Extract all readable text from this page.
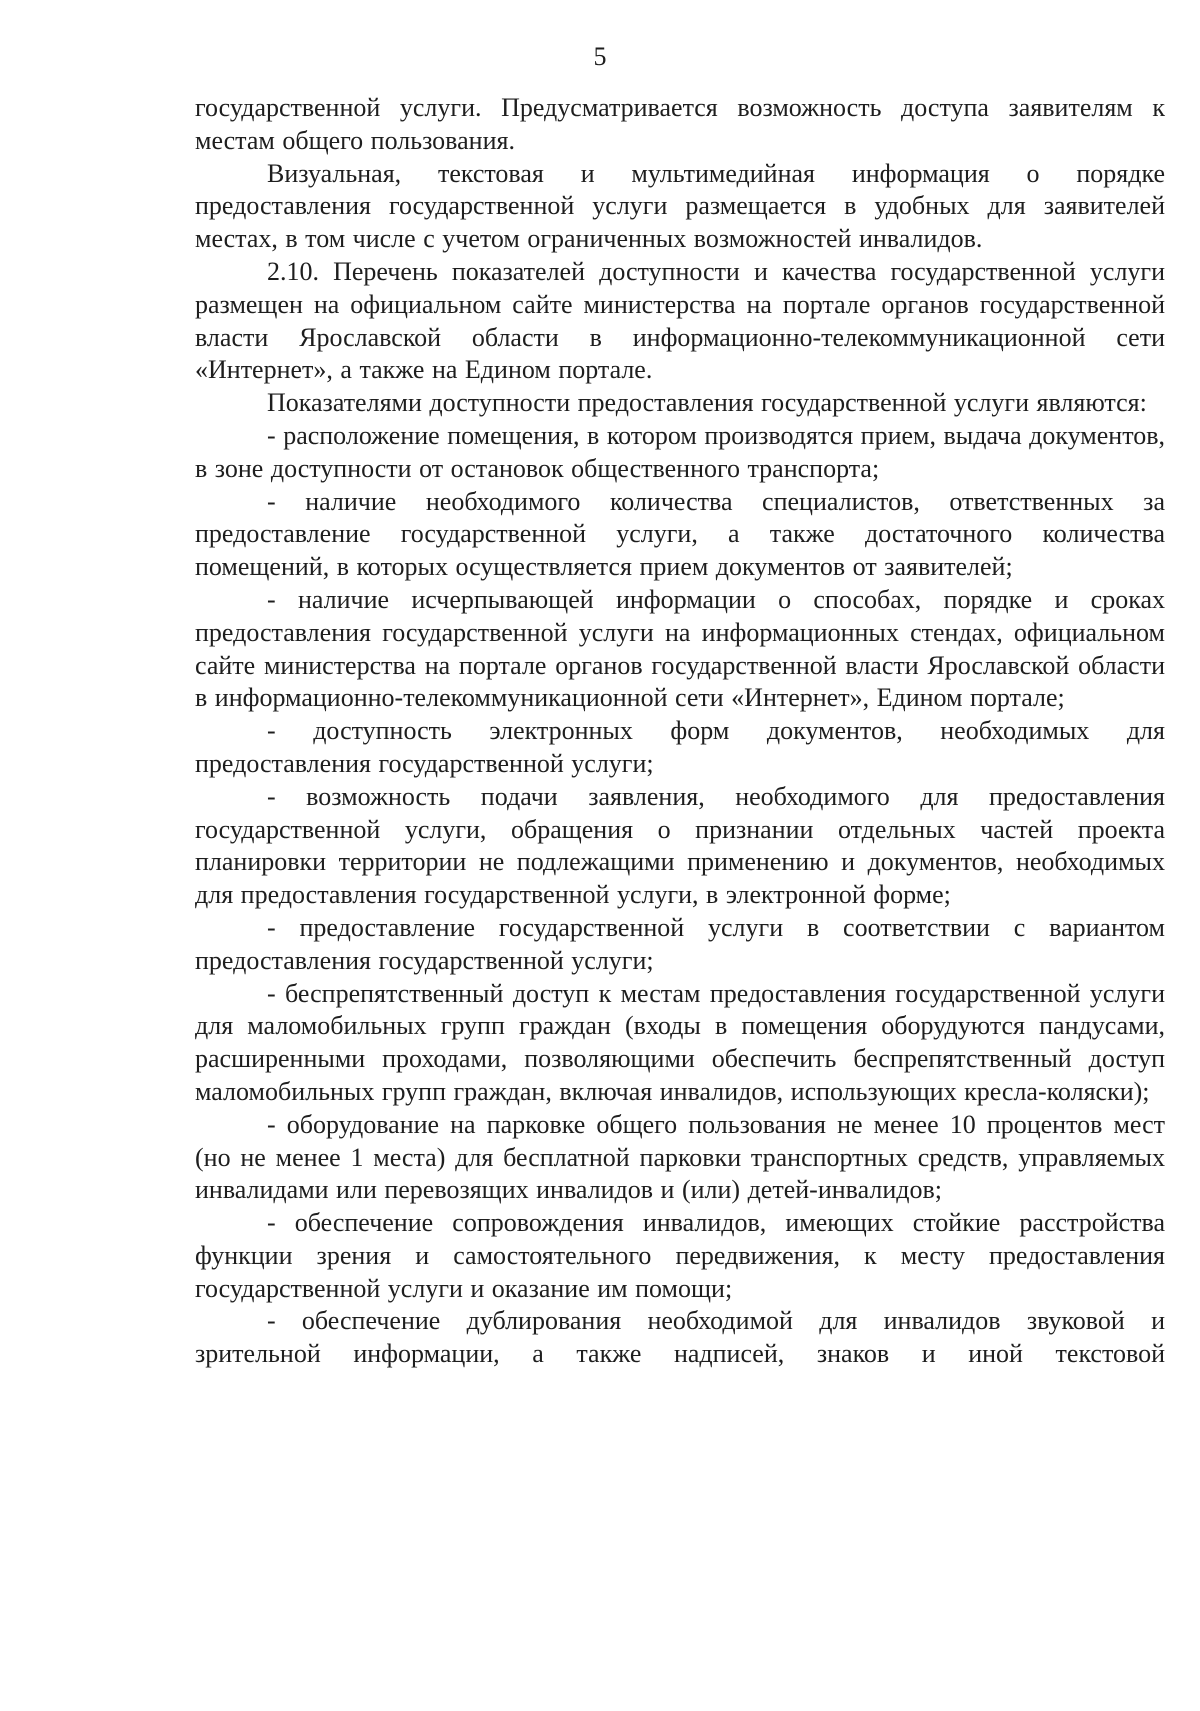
5

государственной услуги. Предусматривается возможность доступа заявителям к местам общего пользования.

Визуальная, текстовая и мультимедийная информация о порядке предоставления государственной услуги размещается в удобных для заявителей местах, в том числе с учетом ограниченных возможностей инвалидов.

2.10. Перечень показателей доступности и качества государственной услуги размещен на официальном сайте министерства на портале органов государственной власти Ярославской области в информационно-телекоммуникационной сети «Интернет», а также на Едином портале.

Показателями доступности предоставления государственной услуги являются:

- расположение помещения, в котором производятся прием, выдача документов, в зоне доступности от остановок общественного транспорта;

- наличие необходимого количества специалистов, ответственных за предоставление государственной услуги, а также достаточного количества помещений, в которых осуществляется прием документов от заявителей;

- наличие исчерпывающей информации о способах, порядке и сроках предоставления государственной услуги на информационных стендах, официальном сайте министерства на портале органов государственной власти Ярославской области в информационно-телекоммуникационной сети «Интернет», Едином портале;

- доступность электронных форм документов, необходимых для предоставления государственной услуги;

- возможность подачи заявления, необходимого для предоставления государственной услуги, обращения о признании отдельных частей проекта планировки территории не подлежащими применению и документов, необходимых для предоставления государственной услуги, в электронной форме;

- предоставление государственной услуги в соответствии с вариантом предоставления государственной услуги;

- беспрепятственный доступ к местам предоставления государственной услуги для маломобильных групп граждан (входы в помещения оборудуются пандусами, расширенными проходами, позволяющими обеспечить беспрепятственный доступ маломобильных групп граждан, включая инвалидов, использующих кресла-коляски);

- оборудование на парковке общего пользования не менее 10 процентов мест (но не менее 1 места) для бесплатной парковки транспортных средств, управляемых инвалидами или перевозящих инвалидов и (или) детей-инвалидов;

- обеспечение сопровождения инвалидов, имеющих стойкие расстройства функции зрения и самостоятельного передвижения, к месту предоставления государственной услуги и оказание им помощи;

- обеспечение дублирования необходимой для инвалидов звуковой и зрительной информации, а также надписей, знаков и иной текстовой
